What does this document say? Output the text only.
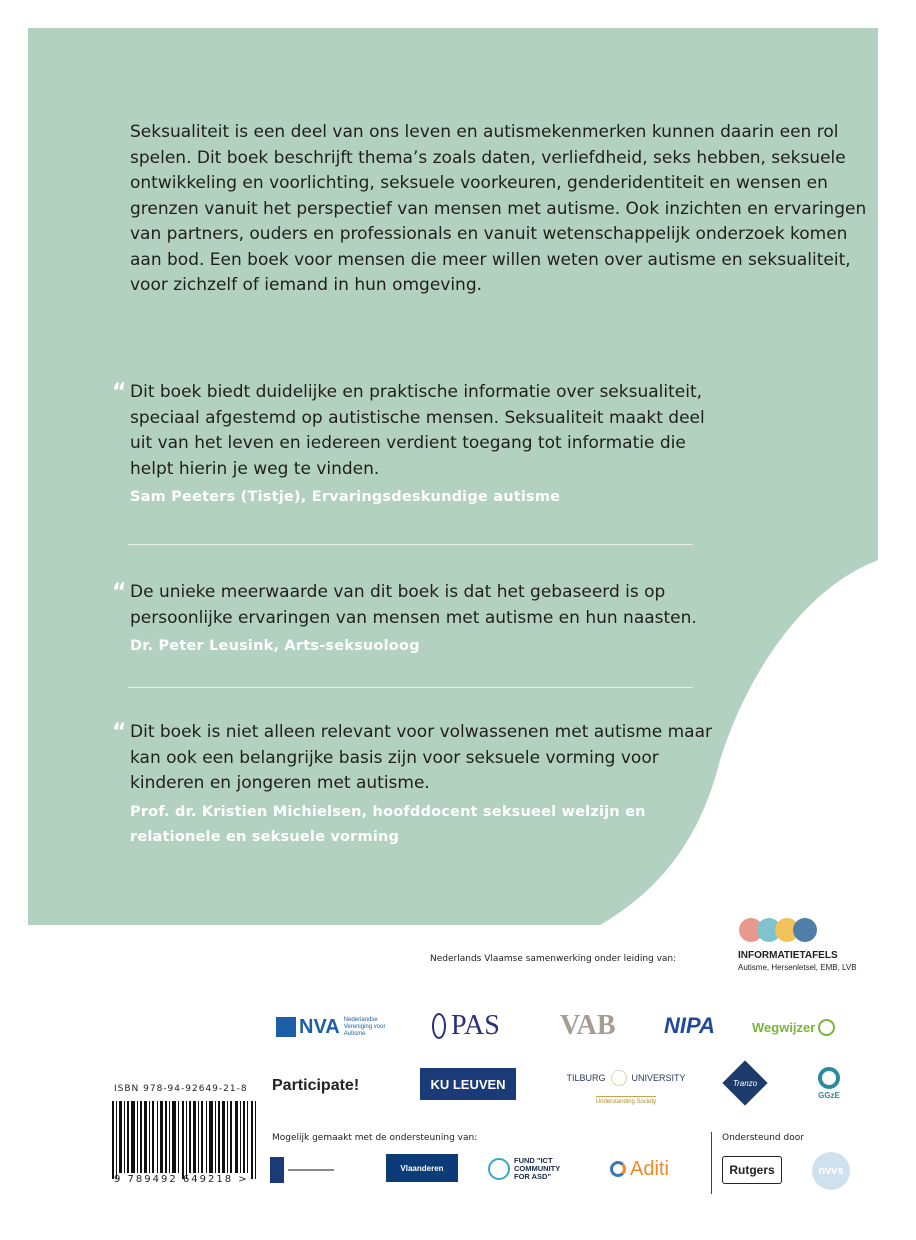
Seksualiteit is een deel van ons leven en autismekenmerken kunnen daarin een rol spelen. Dit boek beschrijft thema’s zoals daten, verliefdheid, seks hebben, seksuele ontwikkeling en voorlichting, seksuele voorkeuren, genderidentiteit en wensen en grenzen vanuit het perspectief van mensen met autisme. Ook inzichten en ervaringen van partners, ouders en professionals en vanuit wetenschappelijk onderzoek komen aan bod. Een boek voor mensen die meer willen weten over autisme en seksualiteit, voor zichzelf of iemand in hun omgeving.

“ Dit boek biedt duidelijke en praktische informatie over seksualiteit, speciaal afgestemd op autistische mensen. Seksualiteit maakt deel uit van het leven en iedereen verdient toegang tot informatie die helpt hierin je weg te vinden.
Sam Peeters (Tistje), Ervaringsdeskundige autisme
“ De unieke meerwaarde van dit boek is dat het gebaseerd is op persoonlijke ervaringen van mensen met autisme en hun naasten.
Dr. Peter Leusink, Arts-seksuoloog
“ Dit boek is niet alleen relevant voor volwassenen met autisme maar kan ook een belangrijke basis zijn voor seksuele vorming voor kinderen en jongeren met autisme.
Prof. dr. Kristien Michielsen, hoofddocent seksueel welzijn en relationele en seksuele vorming
Nederlands Vlaamse samenwerking onder leiding van:	INFORMATIETAFELS
Autisme, Hersenletsel, EMB, LVB
NVA Nederlandse Vereniging voor Autisme	PAS VAB NIPA	Wegwijzer
Participate!	KU LEUVEN	TILBURG	UNIVERSITY
Understanding Society
Tranzo
GGzE
ISBN 978-94-92649-21-8
9 789492 649218 >
Mogelijk gemaakt met de ondersteuning van:	Ondersteund door
Vlaanderen
FUND "ICT COMMUNITY FOR ASD"	Aditi	Rutgers	nvvs
